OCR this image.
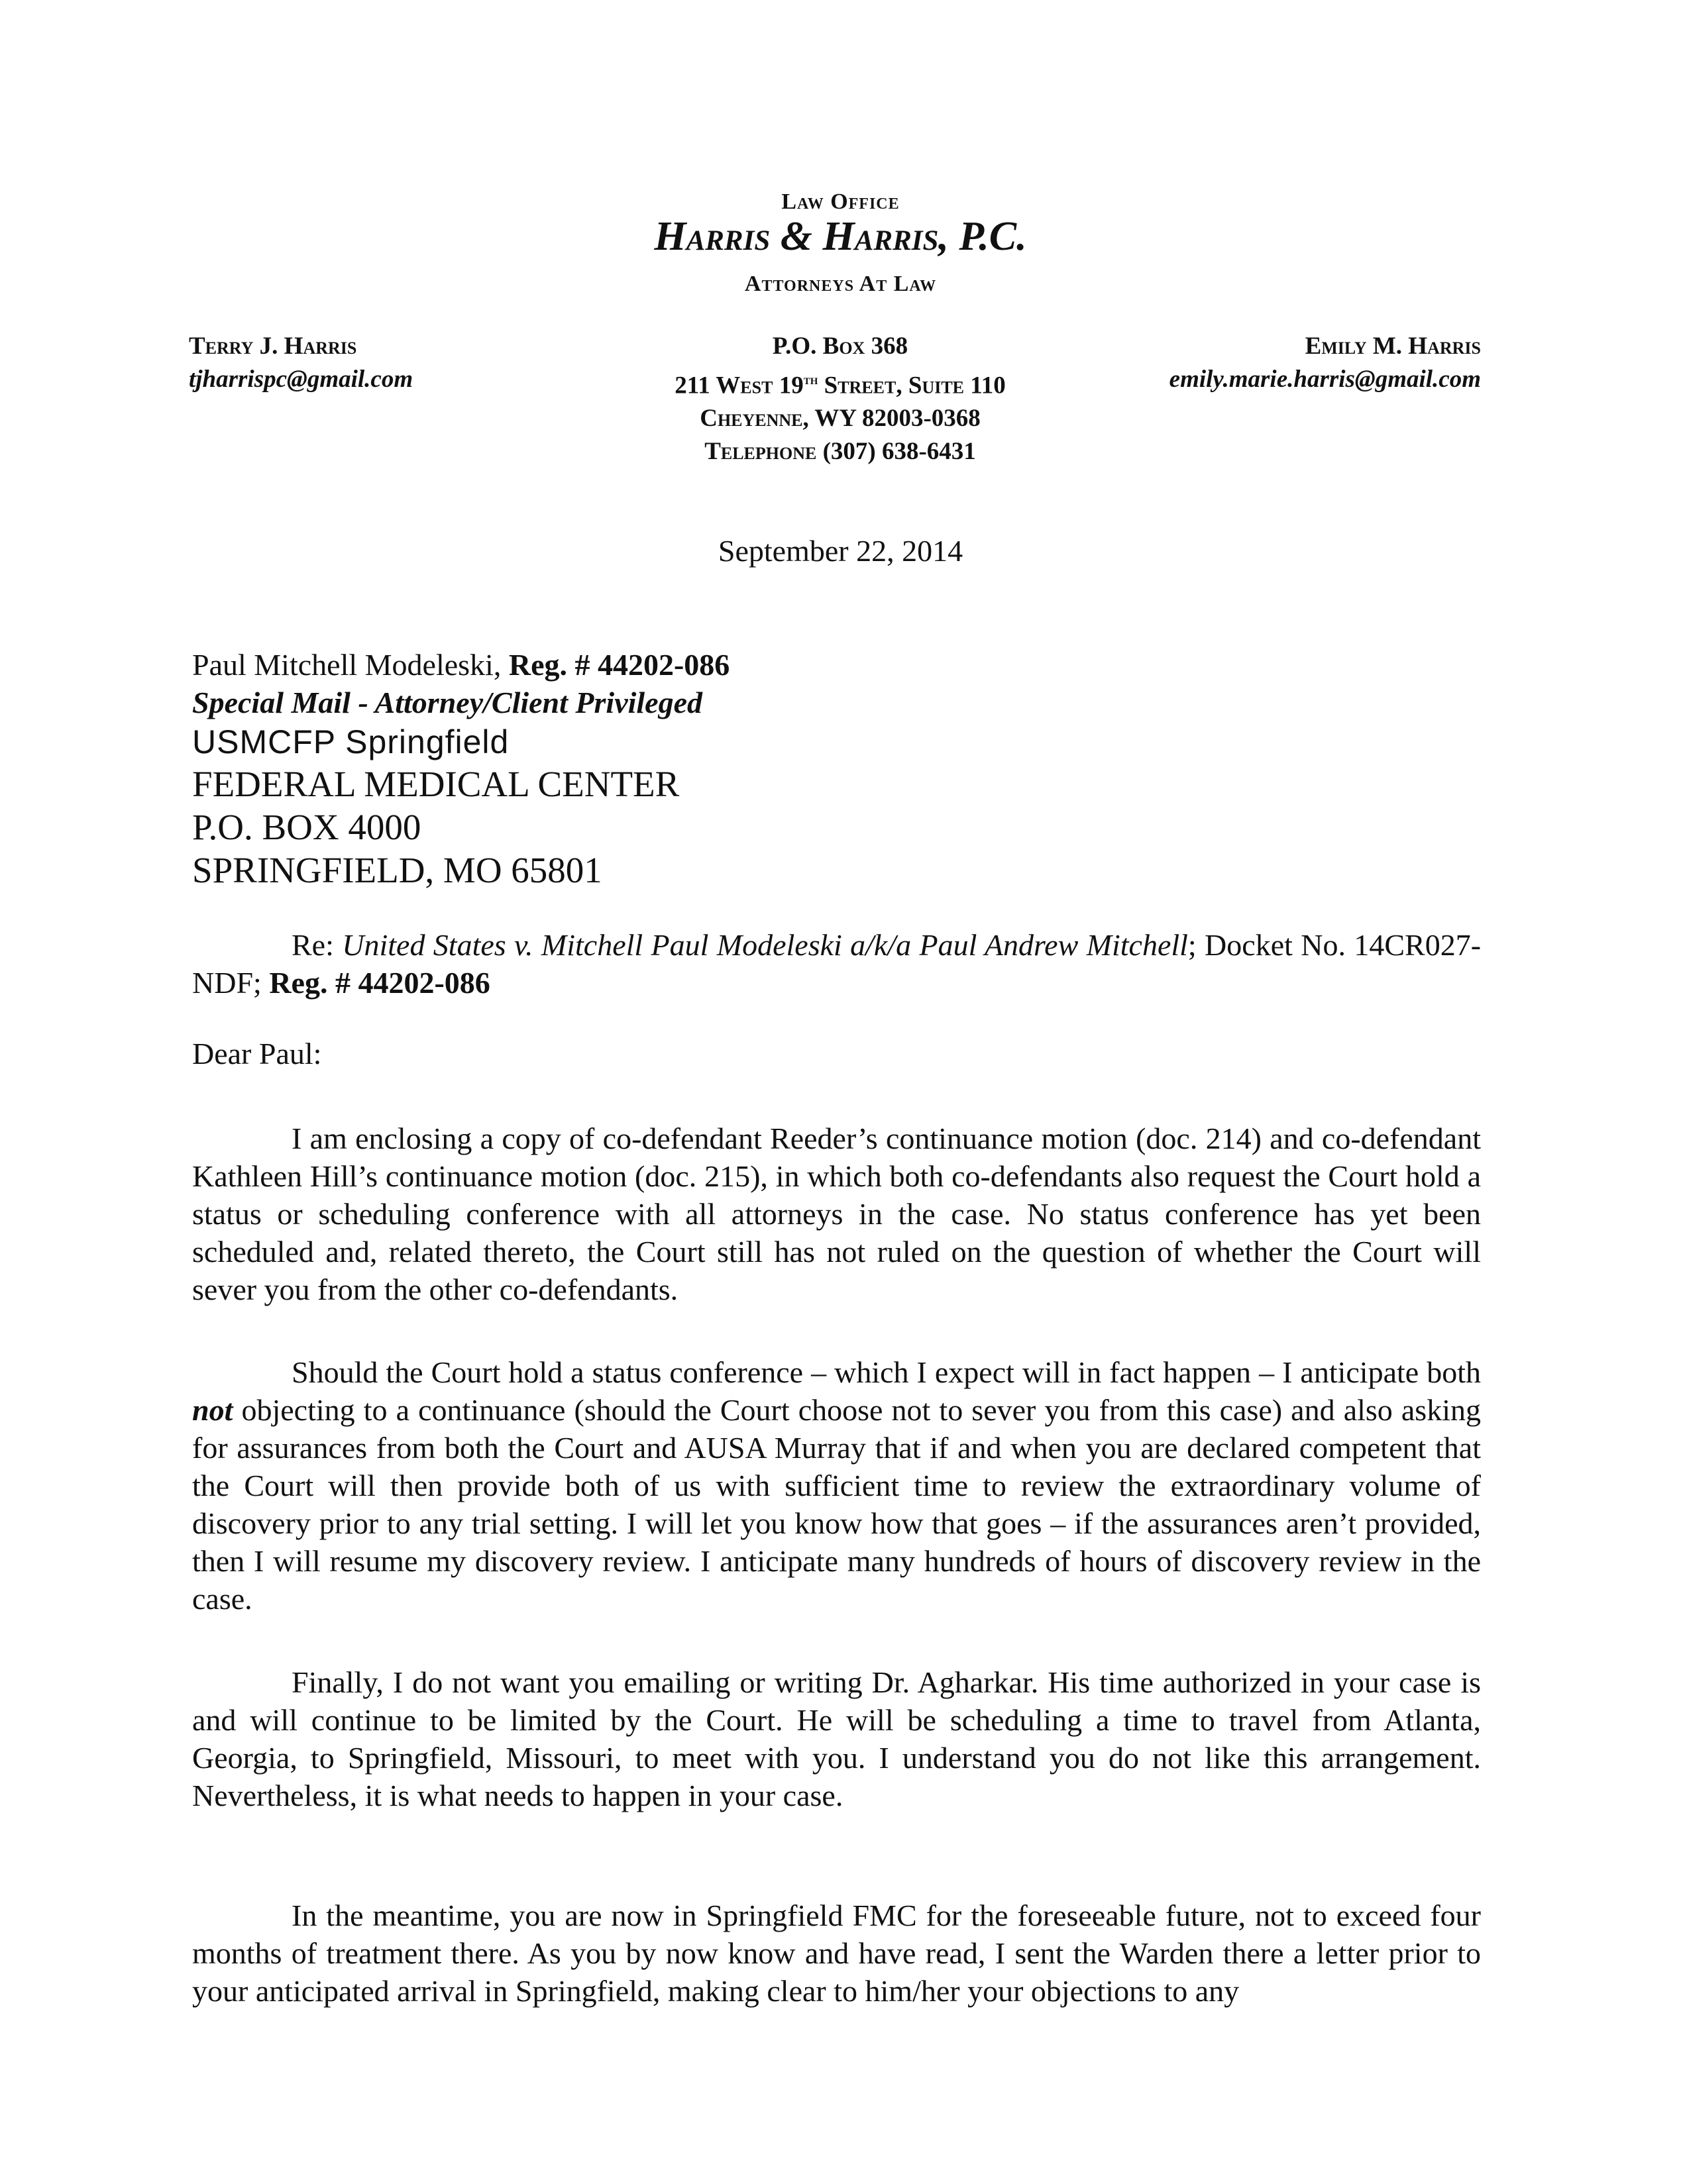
Law Office
Harris & Harris, P.C.
Attorneys At Law
Terry J. Harris
tjharrispc@gmail.com
P.O. Box 368
211 West 19th Street, Suite 110
Cheyenne, WY 82003-0368
Telephone (307) 638-6431
Emily M. Harris
emily.marie.harris@gmail.com
September 22, 2014
Paul Mitchell Modeleski, Reg. # 44202-086
Special Mail - Attorney/Client Privileged
USMCFP Springfield
FEDERAL MEDICAL CENTER
P.O. BOX 4000
SPRINGFIELD, MO 65801
Re: United States v. Mitchell Paul Modeleski a/k/a Paul Andrew Mitchell; Docket No. 14CR027-NDF; Reg. # 44202-086
Dear Paul:
I am enclosing a copy of co-defendant Reeder’s continuance motion (doc. 214) and co-defendant Kathleen Hill’s continuance motion (doc. 215), in which both co-defendants also request the Court hold a status or scheduling conference with all attorneys in the case. No status conference has yet been scheduled and, related thereto, the Court still has not ruled on the question of whether the Court will sever you from the other co-defendants.
Should the Court hold a status conference – which I expect will in fact happen – I anticipate both not objecting to a continuance (should the Court choose not to sever you from this case) and also asking for assurances from both the Court and AUSA Murray that if and when you are declared competent that the Court will then provide both of us with sufficient time to review the extraordinary volume of discovery prior to any trial setting. I will let you know how that goes – if the assurances aren’t provided, then I will resume my discovery review. I anticipate many hundreds of hours of discovery review in the case.
Finally, I do not want you emailing or writing Dr. Agharkar. His time authorized in your case is and will continue to be limited by the Court. He will be scheduling a time to travel from Atlanta, Georgia, to Springfield, Missouri, to meet with you. I understand you do not like this arrangement. Nevertheless, it is what needs to happen in your case.
In the meantime, you are now in Springfield FMC for the foreseeable future, not to exceed four months of treatment there. As you by now know and have read, I sent the Warden there a letter prior to your anticipated arrival in Springfield, making clear to him/her your objections to any
